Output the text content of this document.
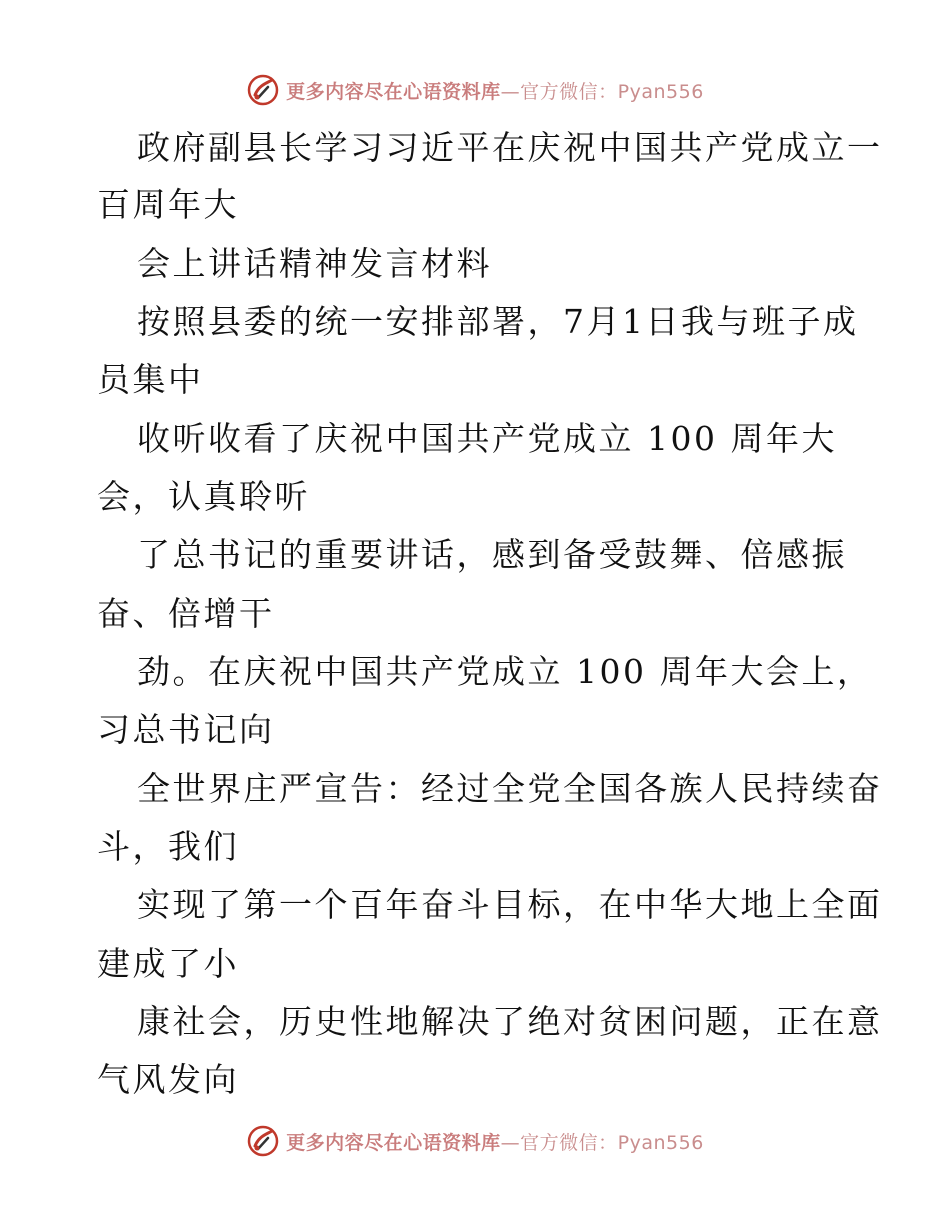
更多内容尽在心语资料库—官方微信：Pyan556
政府副县长学习习近平在庆祝中国共产党成立一
百周年大
会上讲话精神发言材料
按照县委的统一安排部署，7月1日我与班子成
员集中
收听收看了庆祝中国共产党成立 100 周年大
会，认真聆听
了总书记的重要讲话，感到备受鼓舞、倍感振
奋、倍增干
劲。在庆祝中国共产党成立 100 周年大会上，
习总书记向
全世界庄严宣告：经过全党全国各族人民持续奋
斗，我们
实现了第一个百年奋斗目标，在中华大地上全面
建成了小
康社会，历史性地解决了绝对贫困问题，正在意
气风发向
更多内容尽在心语资料库—官方微信：Pyan556
